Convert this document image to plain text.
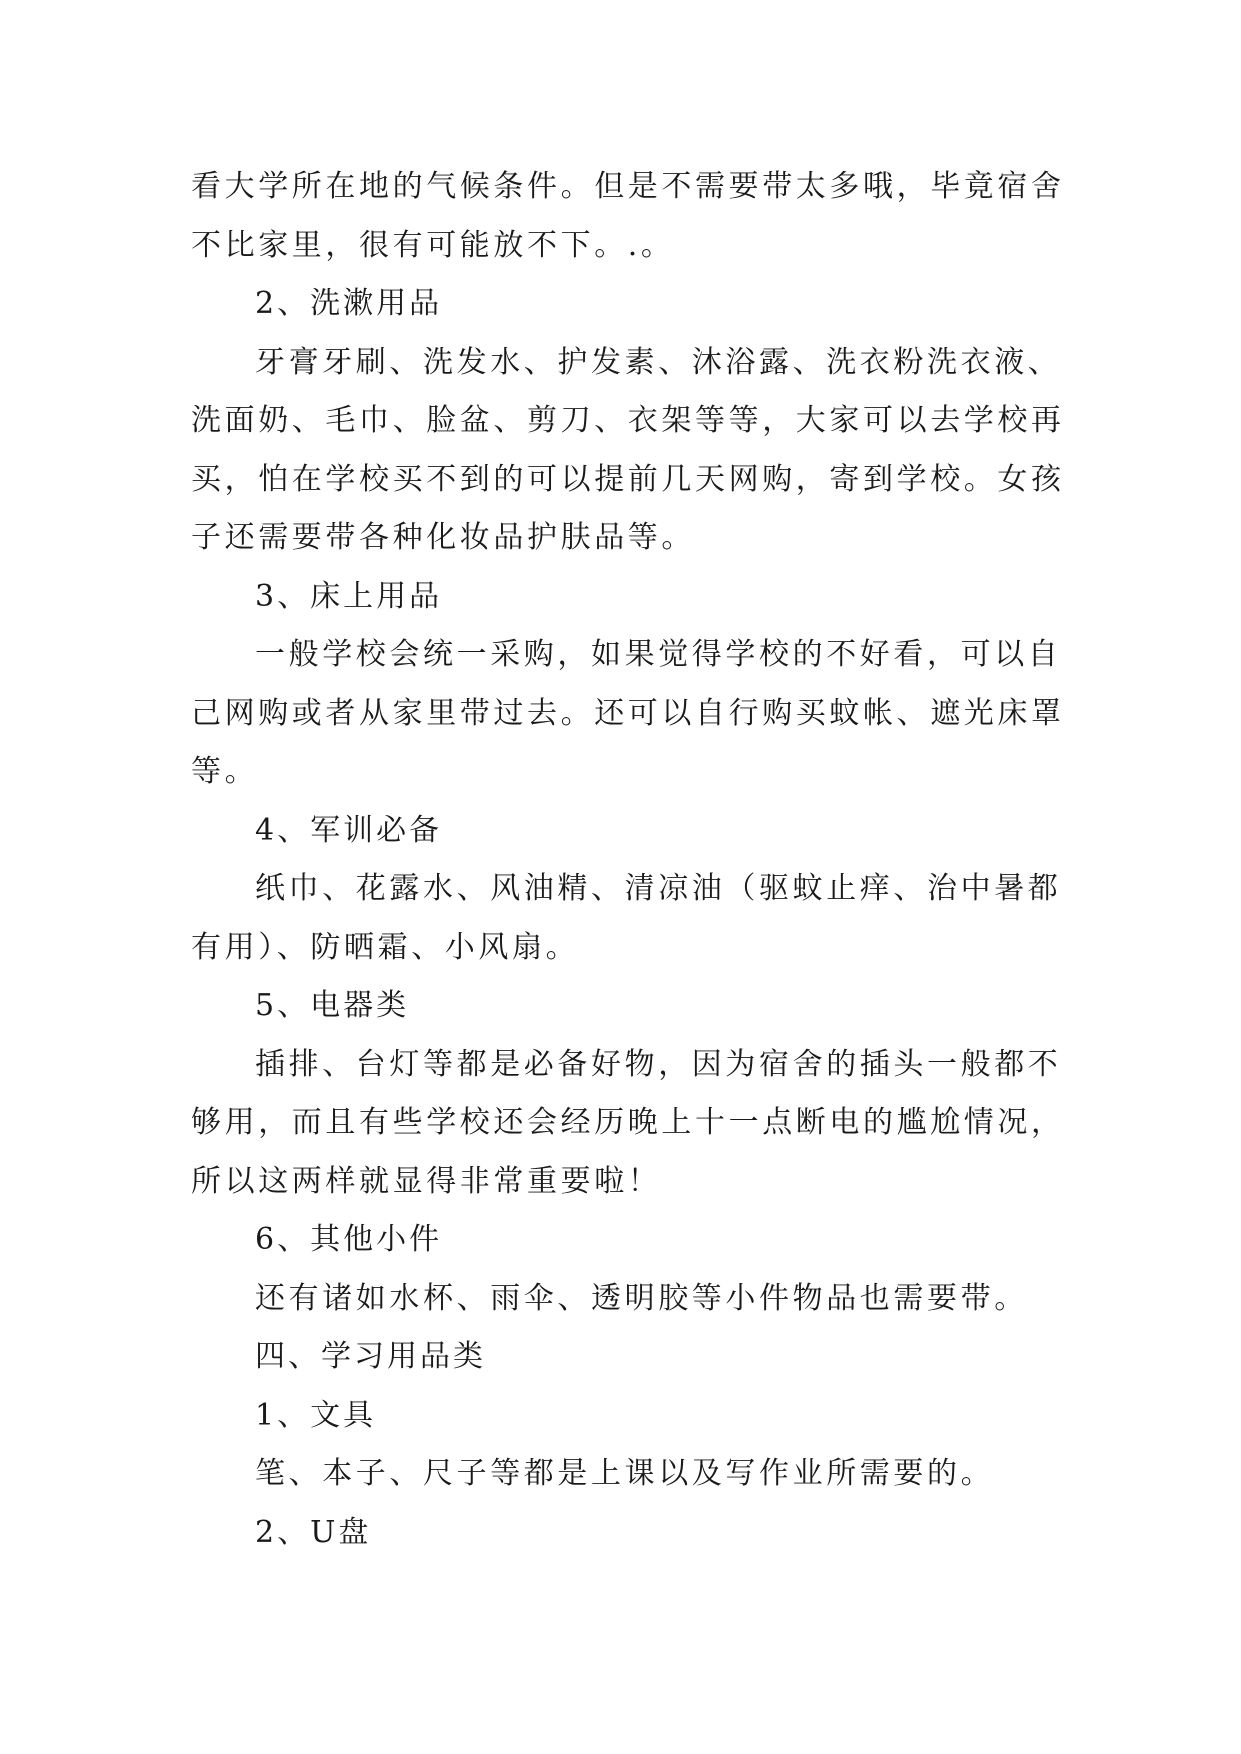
看大学所在地的气候条件。但是不需要带太多哦，毕竟宿舍
不比家里，很有可能放不下。.。
2、洗漱用品
牙膏牙刷、洗发水、护发素、沐浴露、洗衣粉洗衣液、
洗面奶、毛巾、脸盆、剪刀、衣架等等，大家可以去学校再
买，怕在学校买不到的可以提前几天网购，寄到学校。女孩
子还需要带各种化妆品护肤品等。
3、床上用品
一般学校会统一采购，如果觉得学校的不好看，可以自
己网购或者从家里带过去。还可以自行购买蚊帐、遮光床罩
等。
4、军训必备
纸巾、花露水、风油精、清凉油（驱蚊止痒、治中暑都
有用）、防晒霜、小风扇。
5、电器类
插排、台灯等都是必备好物，因为宿舍的插头一般都不
够用，而且有些学校还会经历晚上十一点断电的尴尬情况，
所以这两样就显得非常重要啦！
6、其他小件
还有诸如水杯、雨伞、透明胶等小件物品也需要带。
四、学习用品类
1、文具
笔、本子、尺子等都是上课以及写作业所需要的。
2、U盘
